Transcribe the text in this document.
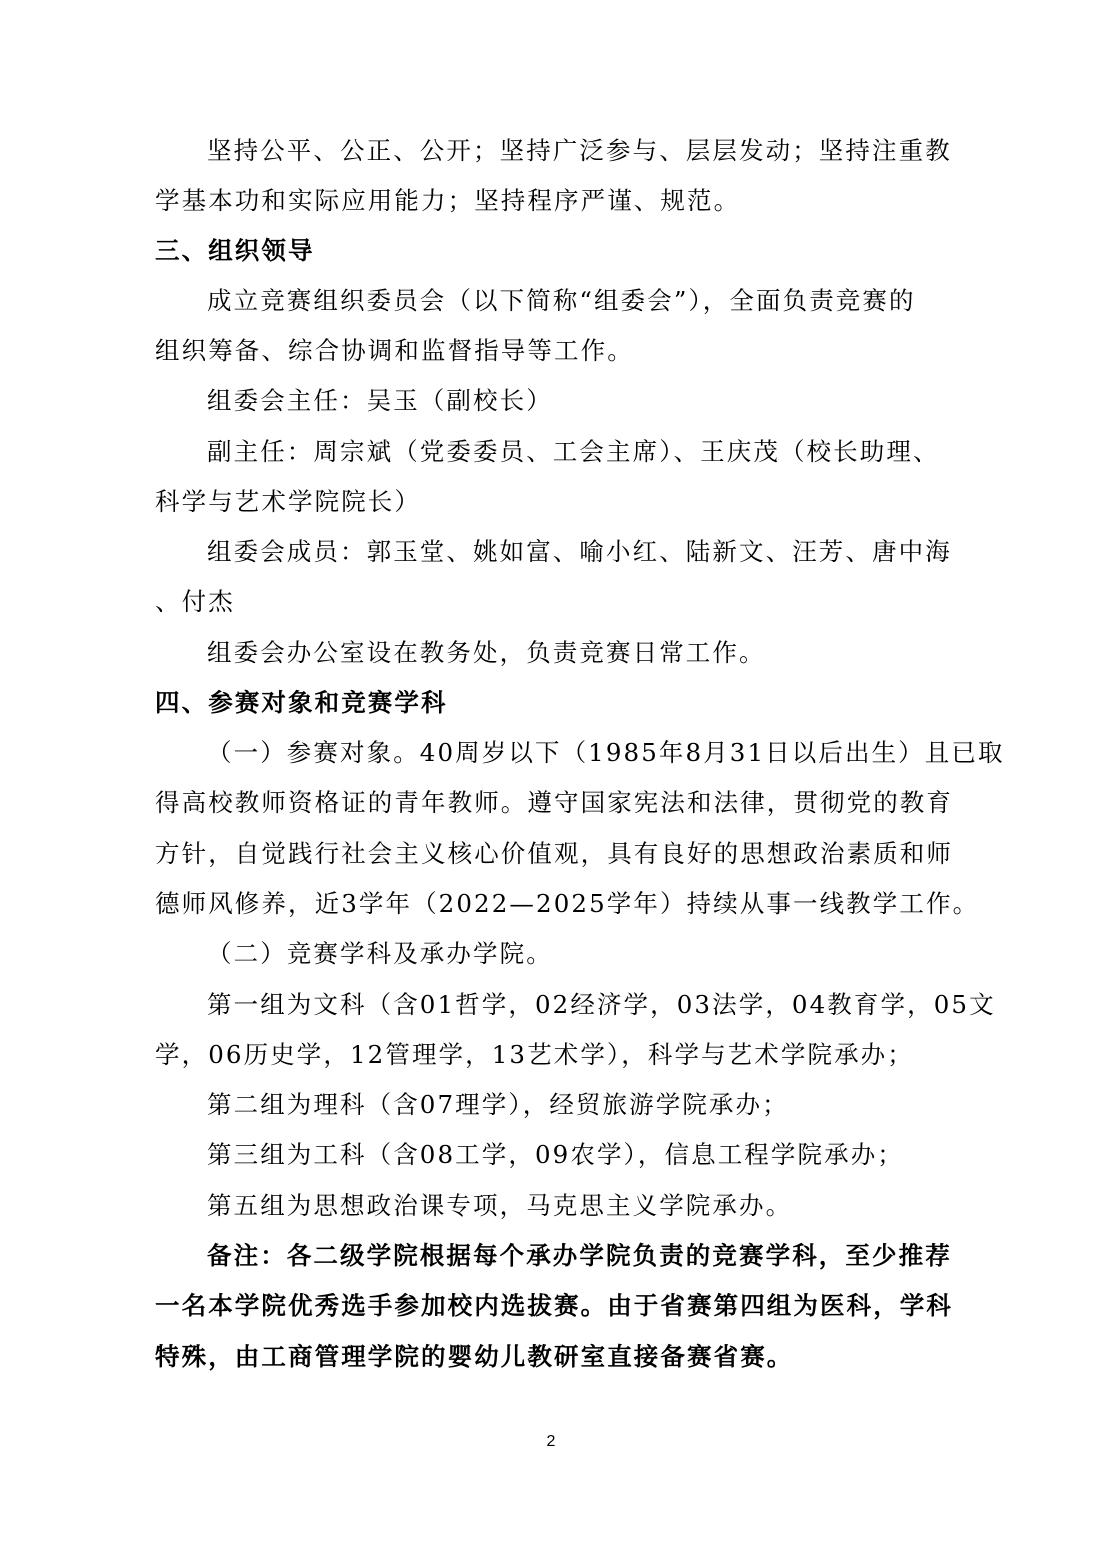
坚持公平、公正、公开；坚持广泛参与、层层发动；坚持注重教
学基本功和实际应用能力；坚持程序严谨、规范。
三、组织领导
成立竞赛组织委员会（以下简称“组委会”），全面负责竞赛的
组织筹备、综合协调和监督指导等工作。
组委会主任：吴玉（副校长）
副主任：周宗斌（党委委员、工会主席）、王庆茂（校长助理、
科学与艺术学院院长）
组委会成员：郭玉堂、姚如富、喻小红、陆新文、汪芳、唐中海
、付杰
组委会办公室设在教务处，负责竞赛日常工作。
四、参赛对象和竞赛学科
（一）参赛对象。40周岁以下（1985年8月31日以后出生）且已取
得高校教师资格证的青年教师。遵守国家宪法和法律，贯彻党的教育
方针，自觉践行社会主义核心价值观，具有良好的思想政治素质和师
德师风修养，近3学年（2022—2025学年）持续从事一线教学工作。
（二）竞赛学科及承办学院。
第一组为文科（含01哲学，02经济学，03法学，04教育学，05文
学，06历史学，12管理学，13艺术学），科学与艺术学院承办；
第二组为理科（含07理学），经贸旅游学院承办；
第三组为工科（含08工学，09农学），信息工程学院承办；
第五组为思想政治课专项，马克思主义学院承办。
备注：各二级学院根据每个承办学院负责的竞赛学科，至少推荐
一名本学院优秀选手参加校内选拔赛。由于省赛第四组为医科，学科
特殊，由工商管理学院的婴幼儿教研室直接备赛省赛。
2
